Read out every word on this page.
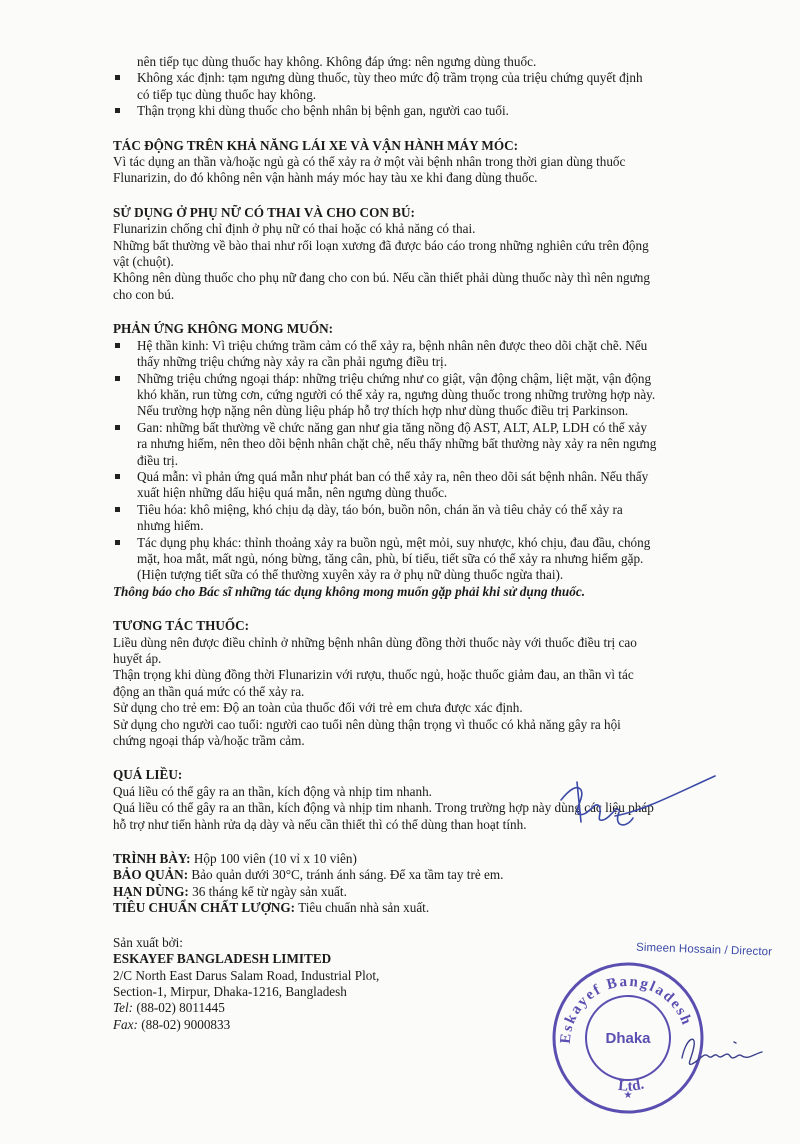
nên tiếp tục dùng thuốc hay không. Không đáp ứng: nên ngưng dùng thuốc.
Không xác định: tạm ngưng dùng thuốc, tùy theo mức độ trầm trọng của triệu chứng quyết định
có tiếp tục dùng thuốc hay không.
Thận trọng khi dùng thuốc cho bệnh nhân bị bệnh gan, người cao tuổi.
TÁC ĐỘNG TRÊN KHẢ NĂNG LÁI XE VÀ VẬN HÀNH MÁY MÓC:
Vì tác dụng an thần và/hoặc ngủ gà có thể xảy ra ở một vài bệnh nhân trong thời gian dùng thuốc
Flunarizin, do đó không nên vận hành máy móc hay tàu xe khi đang dùng thuốc.
SỬ DỤNG Ở PHỤ NỮ CÓ THAI VÀ CHO CON BÚ:
Flunarizin chống chỉ định ở phụ nữ có thai hoặc có khả năng có thai.
Những bất thường về bào thai như rối loạn xương đã được báo cáo trong những nghiên cứu trên động
vật (chuột).
Không nên dùng thuốc cho phụ nữ đang cho con bú. Nếu cần thiết phải dùng thuốc này thì nên ngưng
cho con bú.
PHẢN ỨNG KHÔNG MONG MUỐN:
Hệ thần kinh: Vì triệu chứng trầm cảm có thể xảy ra, bệnh nhân nên được theo dõi chặt chẽ. Nếu
thấy những triệu chứng này xảy ra cần phải ngưng điều trị.
Những triệu chứng ngoại tháp: những triệu chứng như co giật, vận động chậm, liệt mặt, vận động
khó khăn, run từng cơn, cứng người có thể xảy ra, ngưng dùng thuốc trong những trường hợp này.
Nếu trường hợp nặng nên dùng liệu pháp hỗ trợ thích hợp như dùng thuốc điều trị Parkinson.
Gan: những bất thường về chức năng gan như gia tăng nồng độ AST, ALT, ALP, LDH có thể xảy
ra nhưng hiếm, nên theo dõi bệnh nhân chặt chẽ, nếu thấy những bất thường này xảy ra nên ngưng
điều trị.
Quá mẫn: vì phản ứng quá mẫn như phát ban có thể xảy ra, nên theo dõi sát bệnh nhân. Nếu thấy
xuất hiện những dấu hiệu quá mẫn, nên ngưng dùng thuốc.
Tiêu hóa: khô miệng, khó chịu dạ dày, táo bón, buồn nôn, chán ăn và tiêu chảy có thể xảy ra
nhưng hiếm.
Tác dụng phụ khác: thỉnh thoảng xảy ra buồn ngủ, mệt mỏi, suy nhược, khó chịu, đau đầu, chóng
mặt, hoa mắt, mất ngủ, nóng bừng, tăng cân, phù, bí tiểu, tiết sữa có thể xảy ra nhưng hiếm gặp.
(Hiện tượng tiết sữa có thể thường xuyên xảy ra ở phụ nữ dùng thuốc ngừa thai).
Thông báo cho Bác sĩ những tác dụng không mong muốn gặp phải khi sử dụng thuốc.
TƯƠNG TÁC THUỐC:
Liều dùng nên được điều chỉnh ở những bệnh nhân dùng đồng thời thuốc này với thuốc điều trị cao
huyết áp.
Thận trọng khi dùng đồng thời Flunarizin với rượu, thuốc ngủ, hoặc thuốc giảm đau, an thần vì tác
động an thần quá mức có thể xảy ra.
Sử dụng cho trẻ em: Độ an toàn của thuốc đối với trẻ em chưa được xác định.
Sử dụng cho người cao tuổi: người cao tuổi nên dùng thận trọng vì thuốc có khả năng gây ra hội
chứng ngoại tháp và/hoặc trầm cảm.
QUÁ LIỀU:
Quá liều có thể gây ra an thần, kích động và nhịp tim nhanh.
Quá liều có thể gây ra an thần, kích động và nhịp tim nhanh. Trong trường hợp này dùng các liệu pháp
hỗ trợ như tiến hành rửa dạ dày và nếu cần thiết thì có thể dùng than hoạt tính.
TRÌNH BÀY: Hộp 100 viên (10 vỉ x 10 viên)
BẢO QUẢN: Bảo quản dưới 30°C, tránh ánh sáng. Để xa tầm tay trẻ em.
HẠN DÙNG: 36 tháng kể từ ngày sản xuất.
TIÊU CHUẨN CHẤT LƯỢNG: Tiêu chuẩn nhà sản xuất.
Sản xuất bởi:
ESKAYEF BANGLADESH LIMITED
2/C North East Darus Salam Road, Industrial Plot,
Section-1, Mirpur, Dhaka-1216, Bangladesh
Tel: (88-02) 8011445
Fax: (88-02) 9000833
Simeen Hossain / Director
Eskayef Bangladesh
Ltd.
Dhaka
★
